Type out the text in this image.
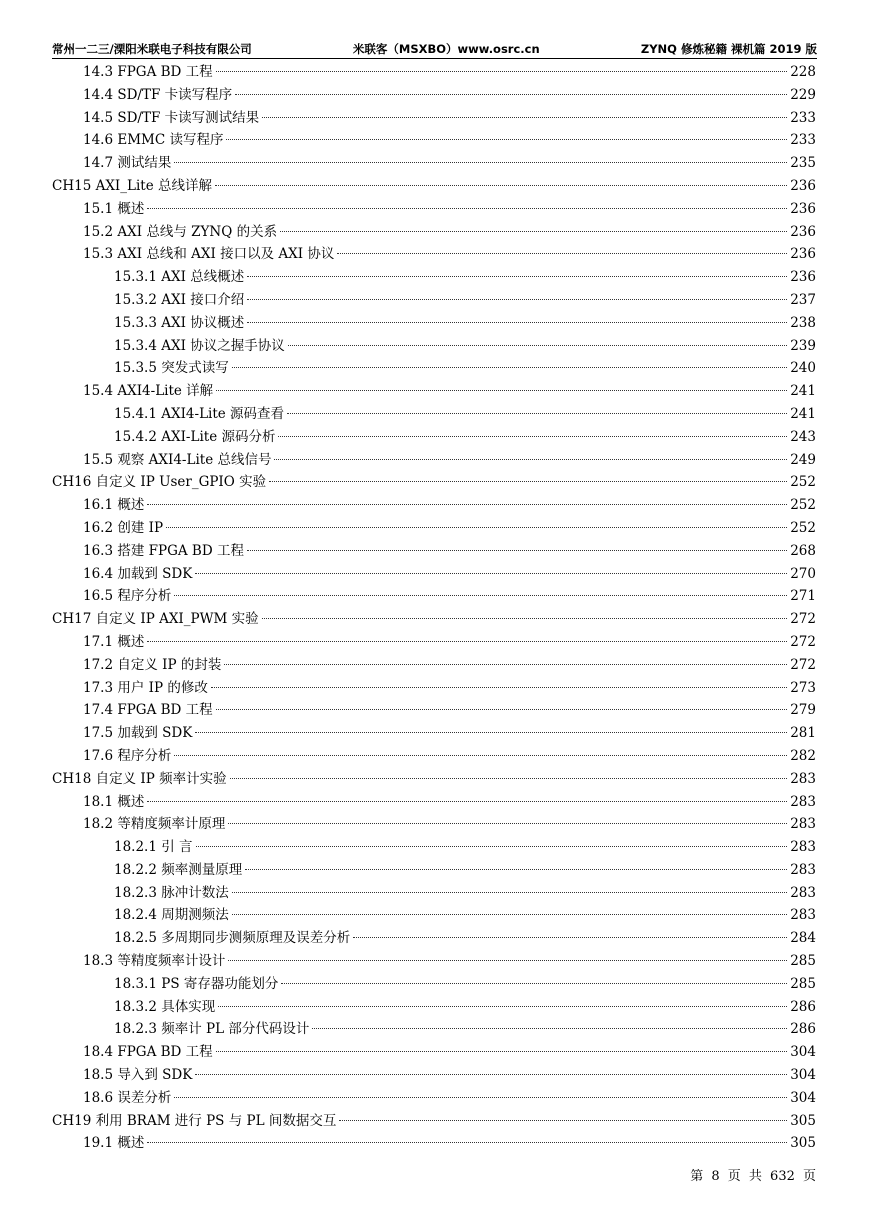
常州一二三/溧阳米联电子科技有限公司	米联客（MSXBO）www.osrc.cn	ZYNQ 修炼秘籍 裸机篇 2019 版
14.3 FPGA BD 工程	228
14.4 SD/TF 卡读写程序	229
14.5 SD/TF 卡读写测试结果	233
14.6 EMMC 读写程序	233
14.7 测试结果	235
CH15 AXI_Lite 总线详解	236
15.1 概述	236
15.2 AXI 总线与 ZYNQ 的关系	236
15.3 AXI 总线和 AXI 接口以及 AXI 协议	236
15.3.1 AXI 总线概述	236
15.3.2 AXI 接口介绍	237
15.3.3 AXI 协议概述	238
15.3.4 AXI 协议之握手协议	239
15.3.5 突发式读写	240
15.4 AXI4-Lite 详解	241
15.4.1 AXI4-Lite 源码查看	241
15.4.2 AXI-Lite 源码分析	243
15.5 观察 AXI4-Lite 总线信号	249
CH16 自定义 IP User_GPIO 实验	252
16.1 概述	252
16.2 创建 IP	252
16.3 搭建 FPGA BD 工程	268
16.4 加载到 SDK	270
16.5 程序分析	271
CH17 自定义 IP AXI_PWM 实验	272
17.1 概述	272
17.2 自定义 IP 的封装	272
17.3 用户 IP 的修改	273
17.4 FPGA BD 工程	279
17.5 加载到 SDK	281
17.6 程序分析	282
CH18 自定义 IP 频率计实验	283
18.1 概述	283
18.2 等精度频率计原理	283
18.2.1 引 言	283
18.2.2 频率测量原理	283
18.2.3 脉冲计数法	283
18.2.4 周期测频法	283
18.2.5 多周期同步测频原理及误差分析	284
18.3 等精度频率计设计	285
18.3.1 PS 寄存器功能划分	285
18.3.2 具体实现	286
18.2.3 频率计 PL 部分代码设计	286
18.4 FPGA BD 工程	304
18.5 导入到 SDK	304
18.6 误差分析	304
CH19 利用 BRAM 进行 PS 与 PL 间数据交互	305
19.1 概述	305
第 8 页 共 632 页
